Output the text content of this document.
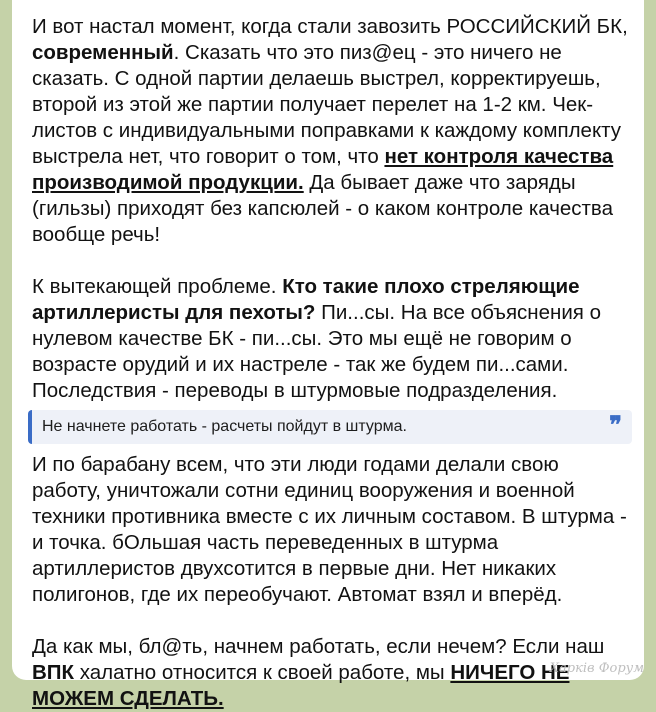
И вот настал момент, когда стали завозить РОССИЙСКИЙ БК, современный. Сказать что это пиз@ец - это ничего не сказать. С одной партии делаешь выстрел, корректируешь, второй из этой же партии получает перелет на 1-2 км. Чек-листов с индивидуальными поправками к каждому комплекту выстрела нет, что говорит о том, что нет контроля качества производимой продукции. Да бывает даже что заряды (гильзы) приходят без капсюлей - о каком контроле качества вообще речь!

К вытекающей проблеме. Кто такие плохо стреляющие артиллеристы для пехоты? Пи...сы. На все объяснения о нулевом качестве БК - пи...сы. Это мы ещё не говорим о возрасте орудий и их настреле - так же будем пи...сами. Последствия - переводы в штурмовые подразделения.

Не начнете работать - расчеты пойдут в штурма.	❞

И по барабану всем, что эти люди годами делали свою работу, уничтожали сотни единиц вооружения и военной техники противника вместе с их личным составом. В штурма - и точка. бОльшая часть переведенных в штурма артиллеристов двухсотится в первые дни. Нет никаких полигонов, где их переобучают. Автомат взял и вперёд.

Да как мы, бл@ть, начнем работать, если нечем? Если наш ВПК халатно относится к своей работе, мы НИЧЕГО НЕ МОЖЕМ СДЕЛАТЬ.

Харків Форум
